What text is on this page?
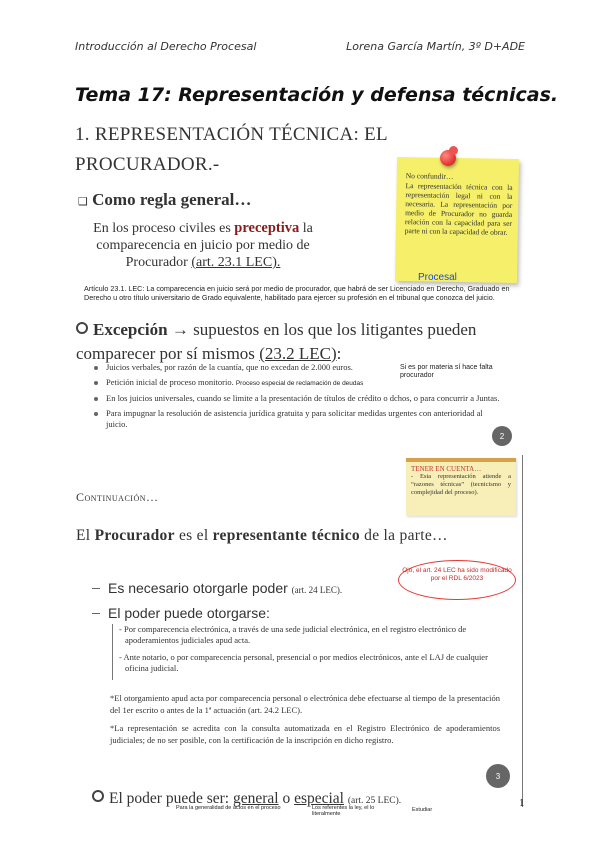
Introducción al Derecho Procesal	Lorena García Martín, 3º D+ADE
Tema 17: Representación y defensa técnicas.
1. REPRESENTACIÓN TÉCNICA: EL
PROCURADOR.-
No confundir…
La representación técnica con la representación legal ni con la necesaria. La representación por medio de Procurador no guarda relación con la capacidad para ser parte ni con la capacidad de obrar.
Procesal
❑ Como regla general…
En los proceso civiles es preceptiva la comparecencia en juicio por medio de Procurador (art. 23.1 LEC).
Artículo 23.1. LEC: La comparecencia en juicio será por medio de procurador, que habrá de ser Licenciado en Derecho, Graduado en Derecho u otro título universitario de Grado equivalente, habilitado para ejercer su profesión en el tribunal que conozca del juicio.
Excepción → supuestos en los que los litigantes pueden comparecer por sí mismos (23.2 LEC):
Juicios verbales, por razón de la cuantía, que no excedan de 2.000 euros.
Petición inicial de proceso monitorio. Proceso especial de reclamación de deudas
En los juicios universales, cuando se limite a la presentación de títulos de crédito o dchos, o para concurrir a Juntas.
Para impugnar la resolución de asistencia jurídica gratuita y para solicitar medidas urgentes con anterioridad al juicio.
Si es por materia sí hace falta procurador
2
TENER EN CUENTA…
- Esta representación atiende a “razones técnicas” (tecnicismo y complejidad del proceso).
Continuación…
El Procurador es el representante técnico de la parte…
Ojo, el art. 24 LEC ha sido modificado por el RDL 6/2023
Es necesario otorgarle poder (art. 24 LEC).
El poder puede otorgarse:
- Por comparecencia electrónica, a través de una sede judicial electrónica, en el registro electrónico de apoderamientos judiciales apud acta.
- Ante notario, o por comparecencia personal, presencial o por medios electrónicos, ante el LAJ de cualquier oficina judicial.

*El otorgamiento apud acta por comparecencia personal o electrónica debe efectuarse al tiempo de la presentación del 1er escrito o antes de la 1ª actuación (art. 24.2 LEC).

*La representación se acredita con la consulta automatizada en el Registro Electrónico de apoderamientos judiciales; de no ser posible, con la certificación de la inscripción en dicho registro.

3
El poder puede ser: general o especial (art. 25 LEC).
Para la generalidad de actos en el proceso	Los referentes la ley, el lo literalmente
Estudiar
1
